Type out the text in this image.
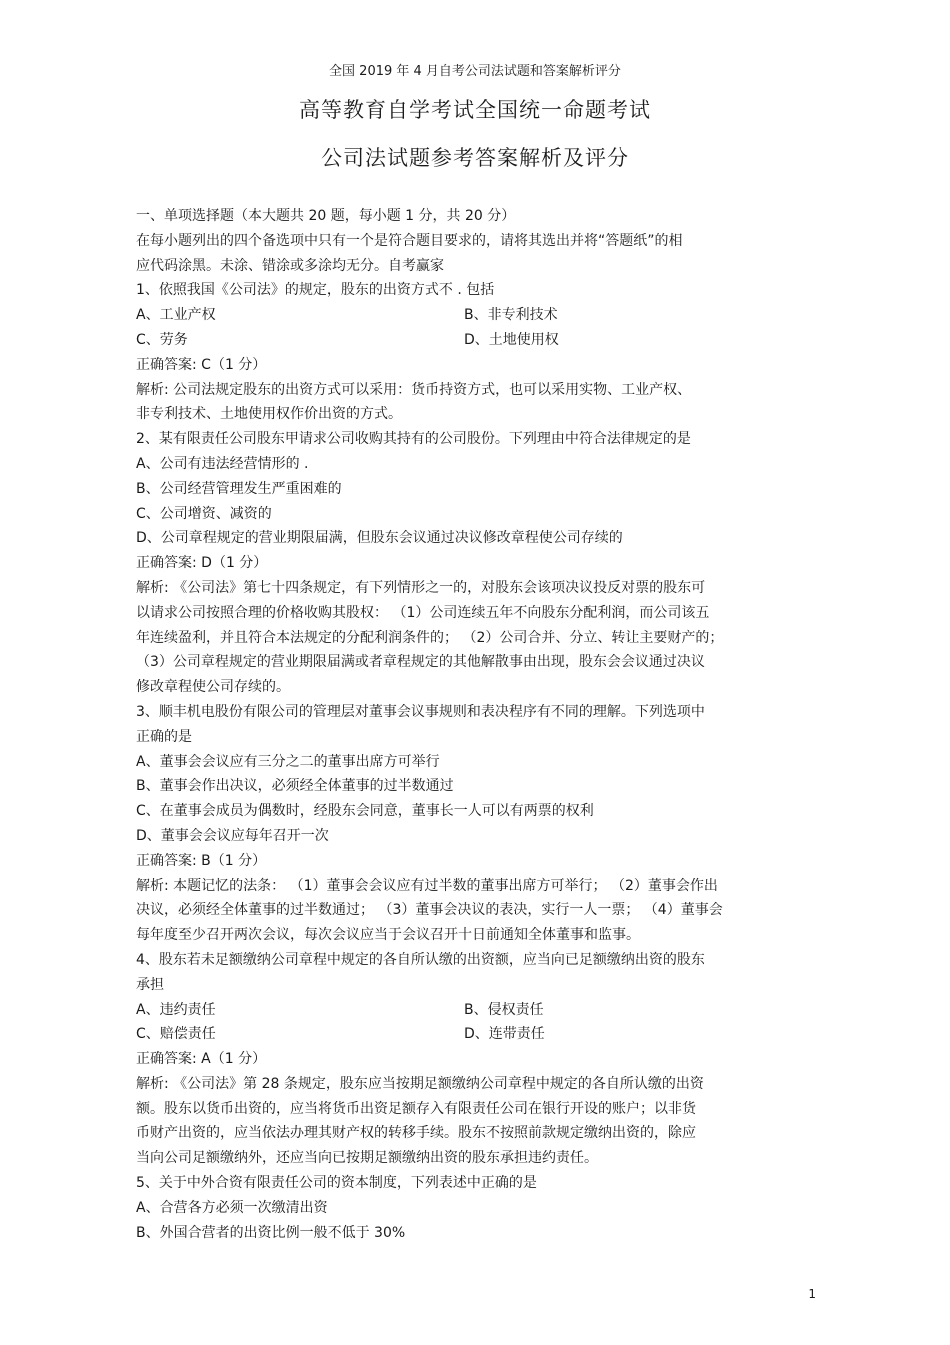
全国 2019 年 4 月自考公司法试题和答案解析评分
高等教育自学考试全国统一命题考试
公司法试题参考答案解析及评分
一、单项选择题（本大题共 20 题，每小题 1 分，共 20 分）
在每小题列出的四个备选项中只有一个是符合题目要求的，请将其选出并将“答题纸”的相
应代码涂黑。未涂、错涂或多涂均无分。自考赢家
1、依照我国《公司法》的规定，股东的出资方式不 . 包括
A、工业产权	B、非专利技术
C、劳务	D、土地使用权
正确答案: C（1 分）
解析: 公司法规定股东的出资方式可以采用：货币持资方式，也可以采用实物、工业产权、
非专利技术、土地使用权作价出资的方式。
2、某有限责任公司股东甲请求公司收购其持有的公司股份。下列理由中符合法律规定的是
A、公司有违法经营情形的 .
B、公司经营管理发生严重困难的
C、公司增资、减资的
D、公司章程规定的营业期限届满，但股东会议通过决议修改章程使公司存续的
正确答案: D（1 分）
解析: 《公司法》第七十四条规定，有下列情形之一的，对股东会该项决议投反对票的股东可
以请求公司按照合理的价格收购其股权： （1）公司连续五年不向股东分配利润，而公司该五
年连续盈利，并且符合本法规定的分配利润条件的； （2）公司合并、分立、转让主要财产的；
（3）公司章程规定的营业期限届满或者章程规定的其他解散事由出现，股东会会议通过决议
修改章程使公司存续的。
3、顺丰机电股份有限公司的管理层对董事会议事规则和表决程序有不同的理解。下列选项中
正确的是
A、董事会会议应有三分之二的董事出席方可举行
B、董事会作出决议，必须经全体董事的过半数通过
C、在董事会成员为偶数时，经股东会同意，董事长一人可以有两票的权利
D、董事会会议应每年召开一次
正确答案: B（1 分）
解析: 本题记忆的法条： （1）董事会会议应有过半数的董事出席方可举行； （2）董事会作出
决议，必须经全体董事的过半数通过； （3）董事会决议的表决，实行一人一票； （4）董事会
每年度至少召开两次会议，每次会议应当于会议召开十日前通知全体董事和监事。
4、股东若未足额缴纳公司章程中规定的各自所认缴的出资额，应当向已足额缴纳出资的股东
承担
A、违约责任	B、侵权责任
C、赔偿责任	D、连带责任
正确答案: A（1 分）
解析: 《公司法》第 28 条规定，股东应当按期足额缴纳公司章程中规定的各自所认缴的出资
额。股东以货币出资的，应当将货币出资足额存入有限责任公司在银行开设的账户；以非货
币财产出资的，应当依法办理其财产权的转移手续。股东不按照前款规定缴纳出资的，除应
当向公司足额缴纳外，还应当向已按期足额缴纳出资的股东承担违约责任。
5、关于中外合资有限责任公司的资本制度，下列表述中正确的是
A、合营各方必须一次缴清出资
B、外国合营者的出资比例一般不低于 30%
1
